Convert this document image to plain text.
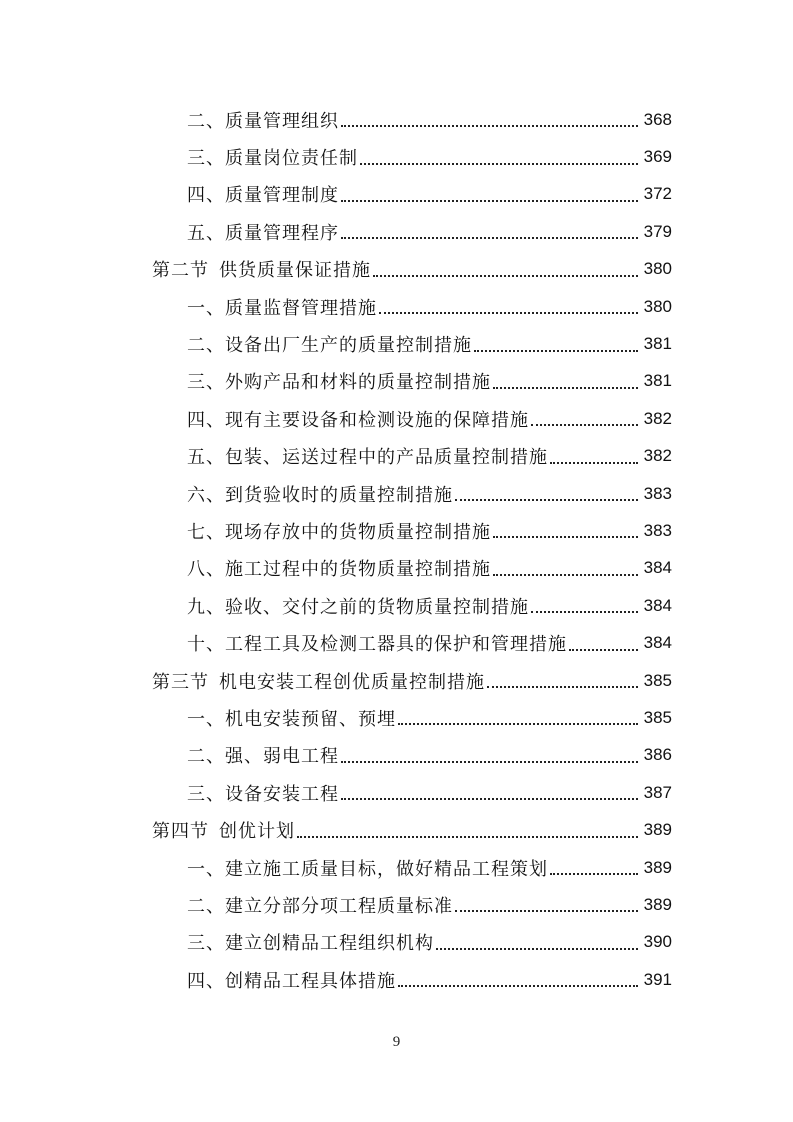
二、质量管理组织	368
三、质量岗位责任制	369
四、质量管理制度	372
五、质量管理程序	379
第二节 供货质量保证措施	380
一、质量监督管理措施	380
二、设备出厂生产的质量控制措施	381
三、外购产品和材料的质量控制措施	381
四、现有主要设备和检测设施的保障措施	382
五、包装、运送过程中的产品质量控制措施	382
六、到货验收时的质量控制措施	383
七、现场存放中的货物质量控制措施	383
八、施工过程中的货物质量控制措施	384
九、验收、交付之前的货物质量控制措施	384
十、工程工具及检测工器具的保护和管理措施	384
第三节 机电安装工程创优质量控制措施	385
一、机电安装预留、预埋	385
二、强、弱电工程	386
三、设备安装工程	387
第四节 创优计划	389
一、建立施工质量目标，做好精品工程策划	389
二、建立分部分项工程质量标准	389
三、建立创精品工程组织机构	390
四、创精品工程具体措施	391
9
